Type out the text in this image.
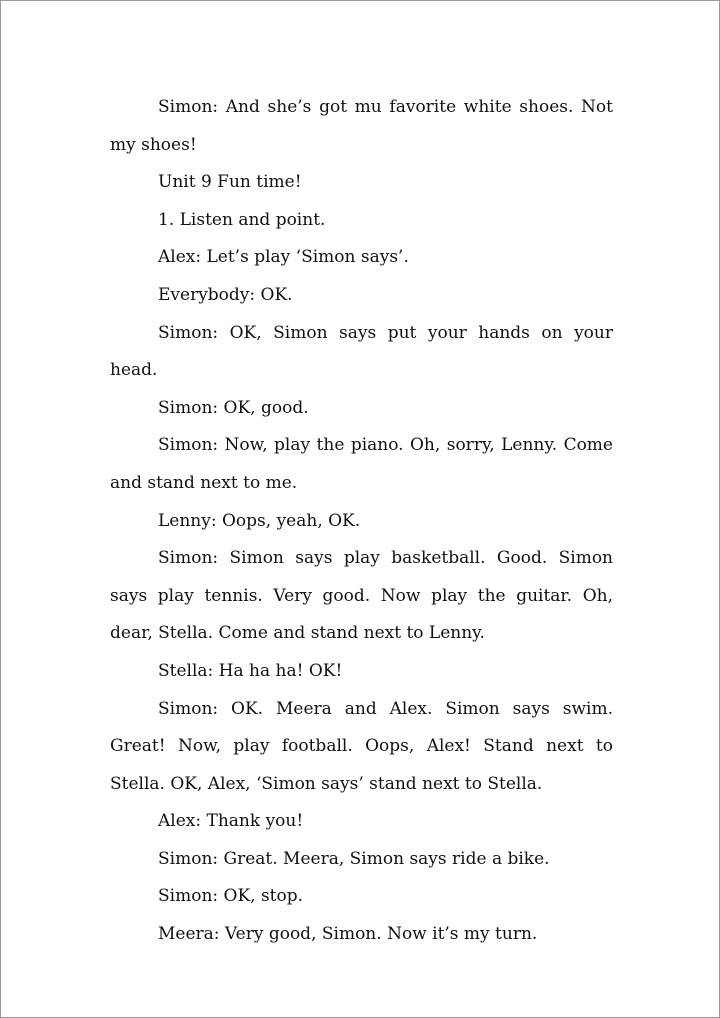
Simon: And she’s got mu favorite white shoes. Not my shoes!

Unit 9 Fun time!

1. Listen and point.

Alex: Let’s play ‘Simon says’.

Everybody: OK.

Simon: OK, Simon says put your hands on your head.

Simon: OK, good.

Simon: Now, play the piano. Oh, sorry, Lenny. Come and stand next to me.

Lenny: Oops, yeah, OK.

Simon: Simon says play basketball. Good. Simon says play tennis. Very good. Now play the guitar. Oh, dear, Stella. Come and stand next to Lenny.

Stella: Ha ha ha! OK!

Simon: OK. Meera and Alex. Simon says swim. Great! Now, play football. Oops, Alex! Stand next to Stella. OK, Alex, ‘Simon says’ stand next to Stella.

Alex: Thank you!

Simon: Great. Meera, Simon says ride a bike.

Simon: OK, stop.

Meera: Very good, Simon. Now it’s my turn.
